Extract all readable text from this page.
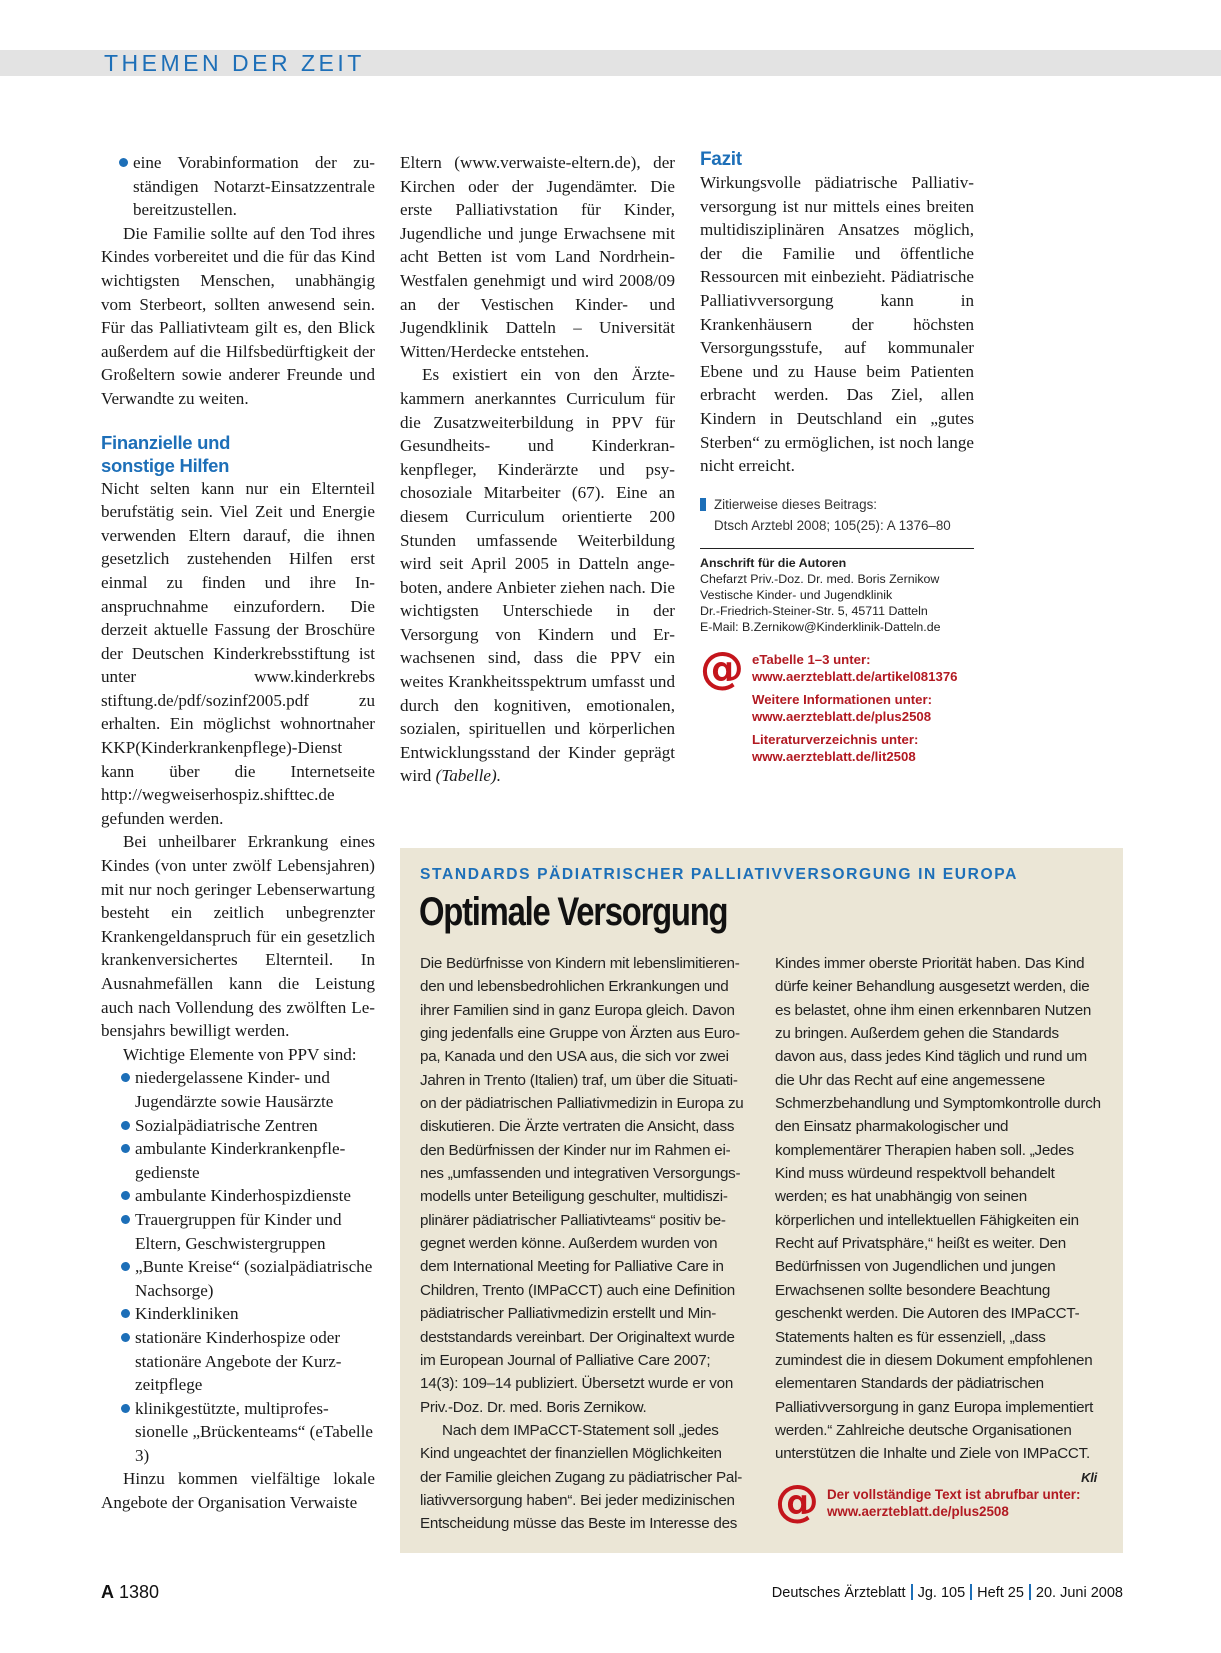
THEMEN DER ZEIT
eine Vorabinformation der zuständigen Notarzt-Einsatzzentrale bereitzustellen.

Die Familie sollte auf den Tod ihres Kindes vorbereitet und die für das Kind wichtigsten Menschen, unabhängig vom Sterbeort, sollten anwesend sein. Für das Palliativteam gilt es, den Blick außerdem auf die Hilfsbedürftigkeit der Großeltern sowie anderer Freunde und Verwandte zu weiten.

Finanzielle und sonstige Hilfen

Nicht selten kann nur ein Elternteil berufstätig sein. Viel Zeit und Energie verwenden Eltern darauf, die ihnen gesetzlich zustehenden Hilfen erst einmal zu finden und ihre Inanspruchnahme einzufordern. Die derzeit aktuelle Fassung der Broschüre der Deutschen Kinderkrebsstiftung ist unter www.kinderkrebs stiftung.de/pdf/sozinf2005.pdf zu erhalten. Ein möglichst wohnortnaher KKP(Kinderkrankenpflege)-Dienst kann über die Internetseite http://wegweiserhospiz.shifttec.de gefunden werden.

Bei unheilbarer Erkrankung eines Kindes (von unter zwölf Lebensjahren) mit nur noch geringer Lebenserwartung besteht ein zeitlich unbegrenzter Krankengeldanspruch für ein gesetzlich krankenversichertes Elternteil. In Ausnahmefällen kann die Leistung auch nach Vollendung des zwölften Lebensjahrs bewilligt werden.

Wichtige Elemente von PPV sind:

niedergelassene Kinder- und Jugendärzte sowie Hausärzte
Sozialpädiatrische Zentren
ambulante Kinderkrankenpflegedienste
ambulante Kinderhospizdienste
Trauergruppen für Kinder und Eltern, Geschwistergruppen
„Bunte Kreise“ (sozialpädiatrische Nachsorge)
Kinderkliniken
stationäre Kinderhospize oder stationäre Angebote der Kurzzeitpflege
klinikgestützte, multiprofessionelle „Brückenteams“ (eTabelle 3)

Hinzu kommen vielfältige lokale Angebote der Organisation Verwaiste

Eltern (www.verwaiste-eltern.de), der Kirchen oder der Jugendämter. Die erste Palliativstation für Kinder, Jugendliche und junge Erwachsene mit acht Betten ist vom Land Nordrhein-Westfalen genehmigt und wird 2008/09 an der Vestischen Kinder- und Jugendklinik Datteln – Universität Witten/Herdecke entstehen.

Es existiert ein von den Ärztekammern anerkanntes Curriculum für die Zusatzweiterbildung in PPV für Gesundheits- und Kinderkrankenpfleger, Kinderärzte und psychosoziale Mitarbeiter (67). Eine an diesem Curriculum orientierte 200 Stunden umfassende Weiterbildung wird seit April 2005 in Datteln angeboten, andere Anbieter ziehen nach. Die wichtigsten Unterschiede in der Versorgung von Kindern und Erwachsenen sind, dass die PPV ein weites Krankheitsspektrum umfasst und durch den kognitiven, emotionalen, sozialen, spirituellen und körperlichen Entwicklungsstand der Kinder geprägt wird (Tabelle).

Fazit

Wirkungsvolle pädiatrische Palliativversorgung ist nur mittels eines breiten multidisziplinären Ansatzes möglich, der die Familie und öffentliche Ressourcen mit einbezieht. Pädiatrische Palliativversorgung kann in Krankenhäusern der höchsten Versorgungsstufe, auf kommunaler Ebene und zu Hause beim Patienten erbracht werden. Das Ziel, allen Kindern in Deutschland ein „gutes Sterben“ zu ermöglichen, ist noch lange nicht erreicht.

Zitierweise dieses Beitrags:
Dtsch Arztebl 2008; 105(25): A 1376–80
Anschrift für die Autoren
Chefarzt Priv.-Doz. Dr. med. Boris Zernikow
Vestische Kinder- und Jugendklinik
Dr.-Friedrich-Steiner-Str. 5, 45711 Datteln
E-Mail: B.Zernikow@Kinderklinik-Datteln.de
@ eTabelle 1–3 unter:
www.aerzteblatt.de/artikel081376
Weitere Informationen unter:
www.aerzteblatt.de/plus2508
Literaturverzeichnis unter:
www.aerzteblatt.de/lit2508
STANDARDS PÄDIATRISCHER PALLIATIVVERSORGUNG IN EUROPA
Optimale Versorgung

Die Bedürfnisse von Kindern mit lebenslimitierenden und lebensbedrohlichen Erkrankungen und ihrer Familien sind in ganz Europa gleich. Davon ging jedenfalls eine Gruppe von Ärzten aus Europa, Kanada und den USA aus, die sich vor zwei Jahren in Trento (Italien) traf, um über die Situation der pädiatrischen Palliativmedizin in Europa zu diskutieren. Die Ärzte vertraten die Ansicht, dass den Bedürfnissen der Kinder nur im Rahmen eines „umfassenden und integrativen Versorgungsmodells unter Beteiligung geschulter, multidisziplinärer pädiatrischer Palliativteams“ positiv begegnet werden könne. Außerdem wurden von dem International Meeting for Palliative Care in Children, Trento (IMPaCCT) auch eine Definition pädiatrischer Palliativmedizin erstellt und Mindeststandards vereinbart. Der Originaltext wurde im European Journal of Palliative Care 2007; 14(3): 109–14 publiziert. Übersetzt wurde er von Priv.-Doz. Dr. med. Boris Zernikow.

Nach dem IMPaCCT-Statement soll „jedes Kind ungeachtet der finanziellen Möglichkeiten der Familie gleichen Zugang zu pädiatrischer Palliativversorgung haben“. Bei jeder medizinischen Entscheidung müsse das Beste im Interesse des

Kindes immer oberste Priorität haben. Das Kind dürfe keiner Behandlung ausgesetzt werden, die es belastet, ohne ihm einen erkennbaren Nutzen zu bringen. Außerdem gehen die Standards davon aus, dass jedes Kind täglich und rund um die Uhr das Recht auf eine angemessene Schmerzbehandlung und Symptomkontrolle durch den Einsatz pharmakologischer und komplementärer Therapien haben soll. „Jedes Kind muss würdeund respektvoll behandelt werden; es hat unabhängig von seinen körperlichen und intellektuellen Fähigkeiten ein Recht auf Privatsphäre,“ heißt es weiter. Den Bedürfnissen von Jugendlichen und jungen Erwachsenen sollte besondere Beachtung geschenkt werden. Die Autoren des IMPaCCT-Statements halten es für essenziell, „dass zumindest die in diesem Dokument empfohlenen elementaren Standards der pädiatrischen Palliativversorgung in ganz Europa implementiert werden.“ Zahlreiche deutsche Organisationen unterstützen die Inhalte und Ziele von IMPaCCT.
Kli

@ Der vollständige Text ist abrufbar unter:
www.aerzteblatt.de/plus2508
A 1380	Deutsches Ärzteblatt Jg. 105 Heft 25 20. Juni 2008
